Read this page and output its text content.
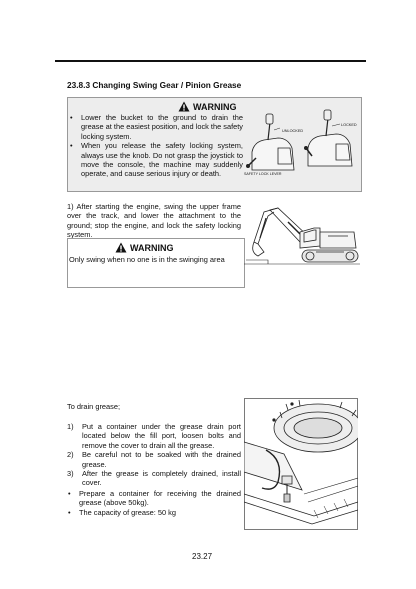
23.8.3 Changing Swing Gear / Pinion Grease
WARNING
• Lower the bucket to the ground to drain the grease at the easiest position, and lock the safety locking system.
• When you release the safety locking system, always use the knob. Do not grasp the joystick to move the console, the machine may suddenly operate, and cause serious injury or death.
UNLOCKED
LOCKED
SAFETY LOCK LEVER
1) After starting the engine, swing the upper frame over the track, and lower the attachment to the ground; stop the engine, and lock the safety locking system.
WARNING
Only swing when no one is in the swinging area
To drain grease;
1) Put a container under the grease drain port located below the fill port, loosen bolts and remove the cover to drain all the grease.
2) Be careful not to be soaked with the drained grease.
3) After the grease is completely drained, install cover.
• Prepare a container for receiving the drained grease (above 50kg).
• The capacity of grease: 50 kg
23.27
